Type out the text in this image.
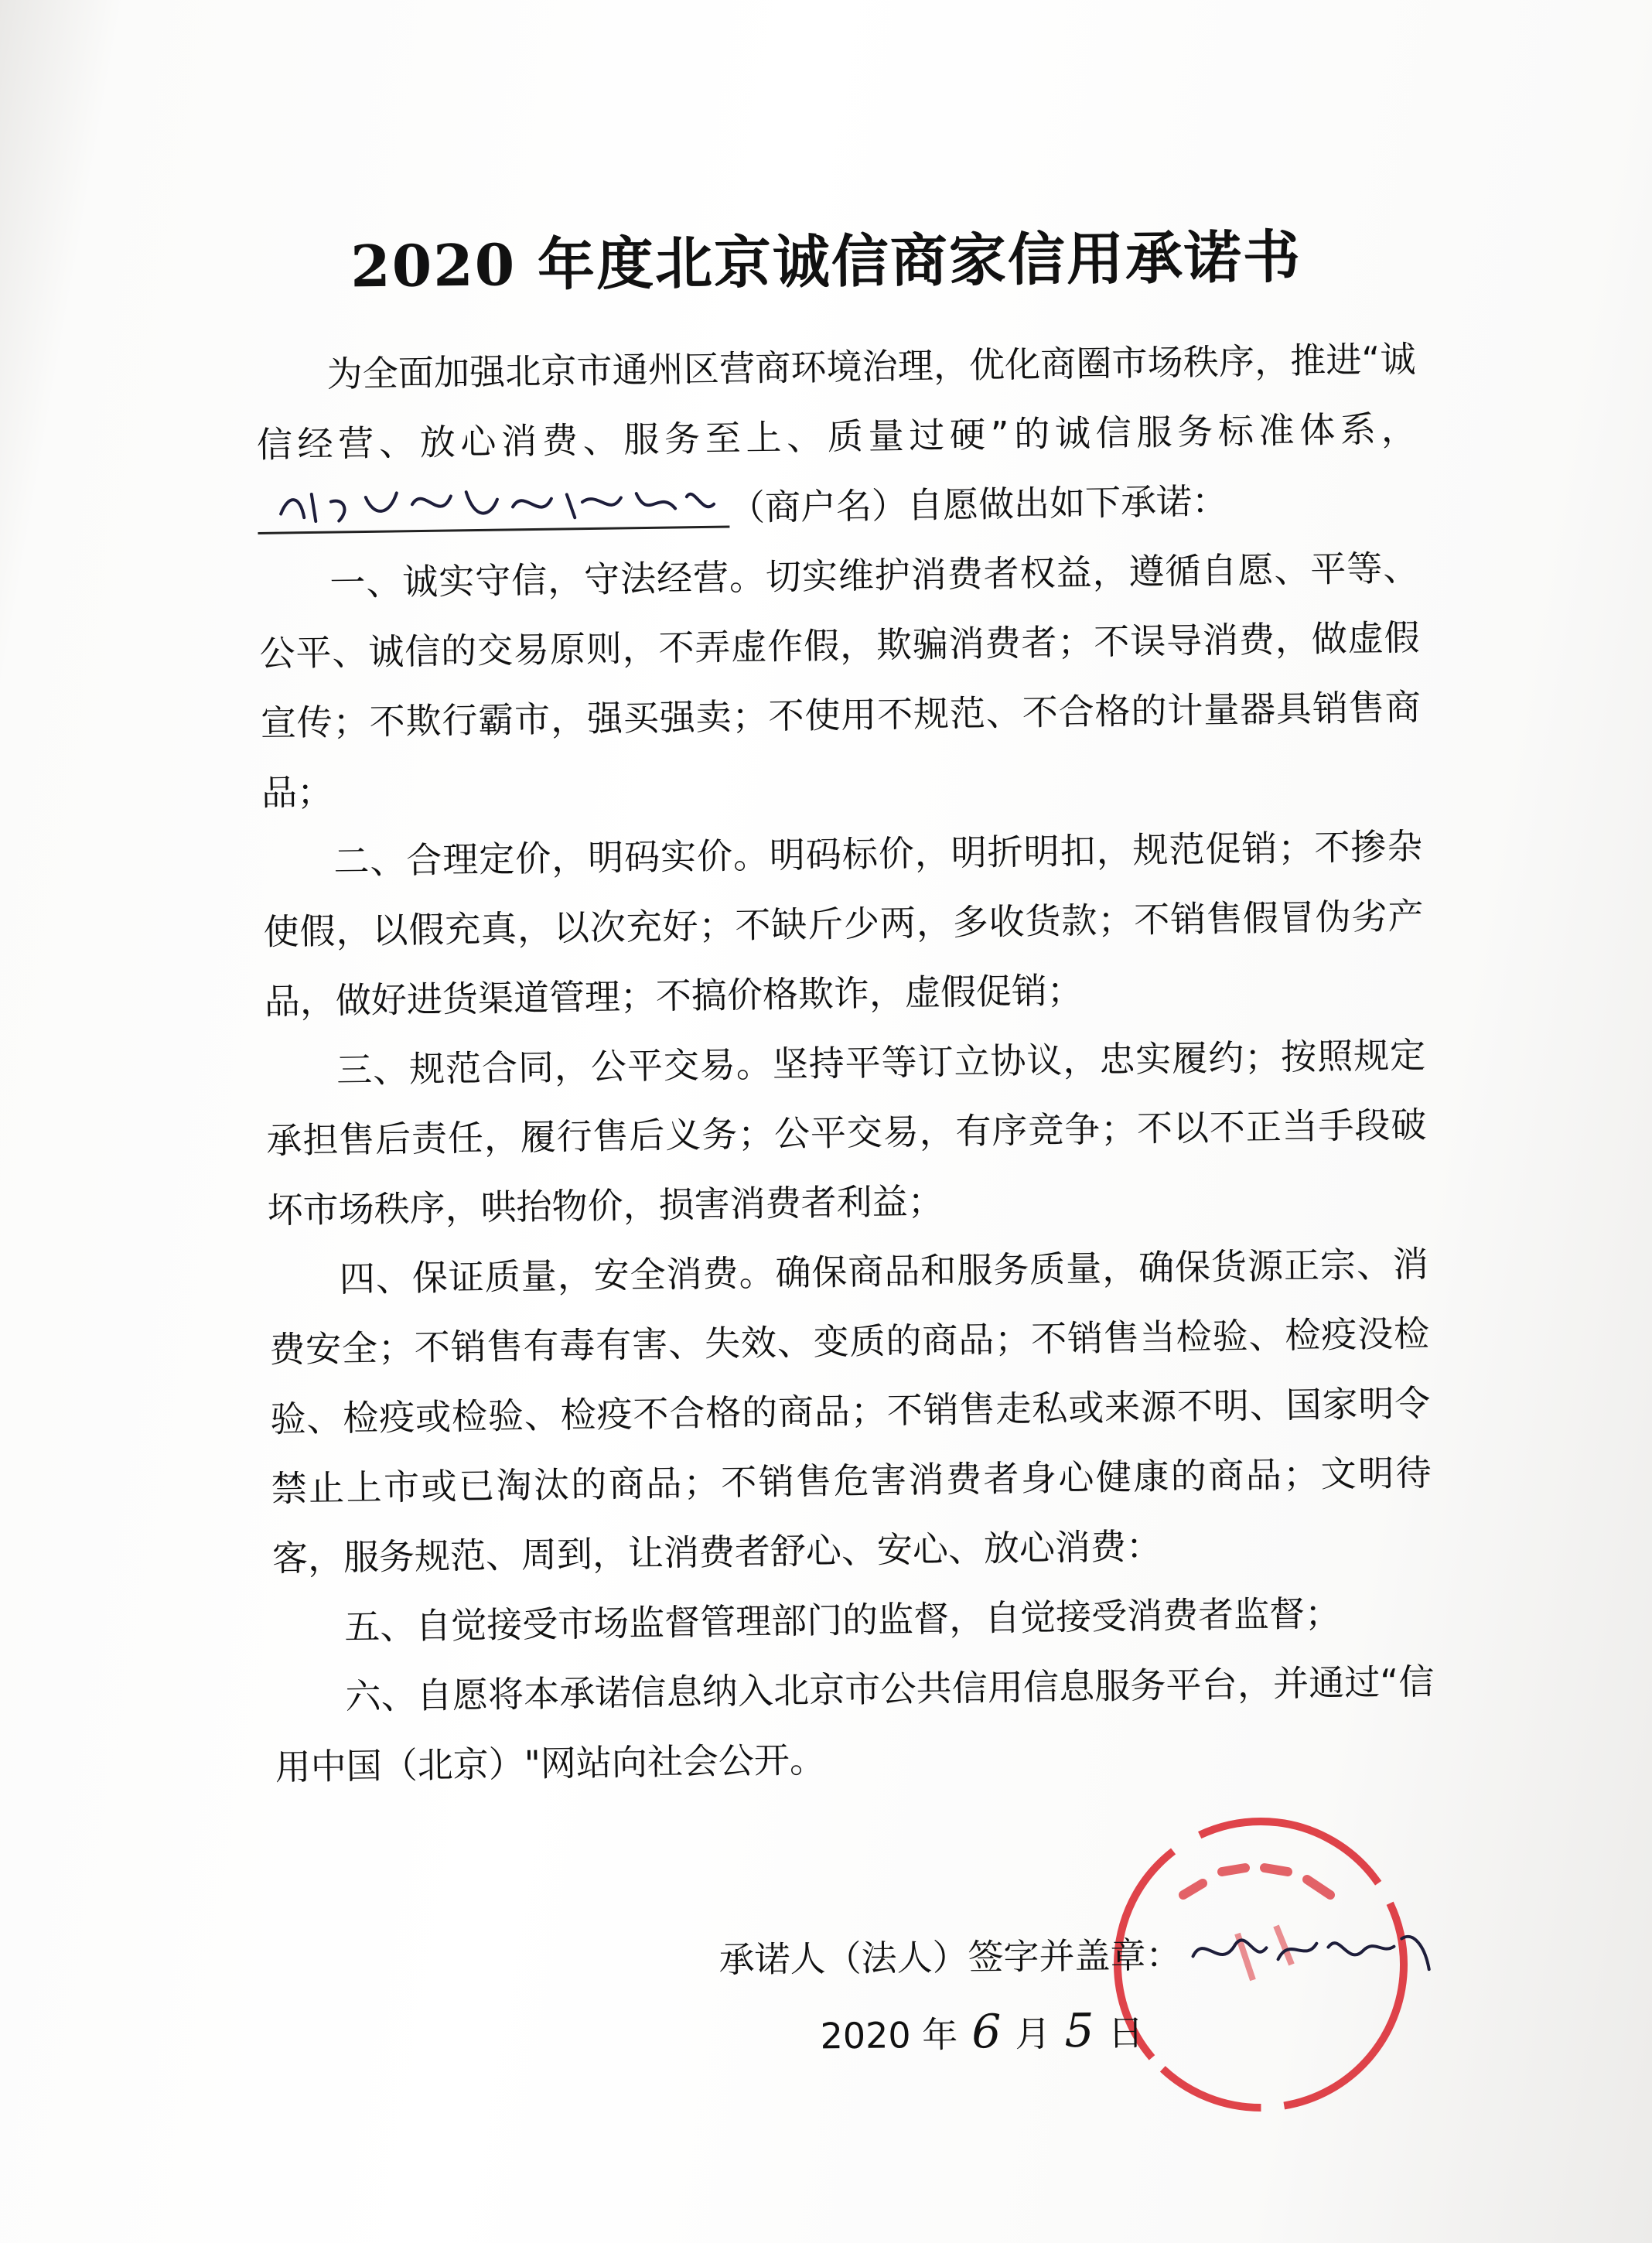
2020 年度北京诚信商家信用承诺书
为全面加强北京市通州区营商环境治理，优化商圈市场秩序，推进“诚信经营、放心消费、服务至上、质量过硬”的诚信服务标准体系，
（商户名）自愿做出如下承诺：
一、诚实守信，守法经营。切实维护消费者权益，遵循自愿、平等、公平、诚信的交易原则，不弄虚作假，欺骗消费者；不误导消费，做虚假宣传；不欺行霸市，强买强卖；不使用不规范、不合格的计量器具销售商品；
二、合理定价，明码实价。明码标价，明折明扣，规范促销；不掺杂使假，以假充真，以次充好；不缺斤少两，多收货款；不销售假冒伪劣产品，做好进货渠道管理；不搞价格欺诈，虚假促销；
三、规范合同，公平交易。坚持平等订立协议，忠实履约；按照规定承担售后责任，履行售后义务；公平交易，有序竞争；不以不正当手段破坏市场秩序，哄抬物价，损害消费者利益；
四、保证质量，安全消费。确保商品和服务质量，确保货源正宗、消费安全；不销售有毒有害、失效、变质的商品；不销售当检验、检疫没检验、检疫或检验、检疫不合格的商品；不销售走私或来源不明、国家明令禁止上市或已淘汰的商品；不销售危害消费者身心健康的商品；文明待客，服务规范、周到，让消费者舒心、安心、放心消费：
五、自觉接受市场监督管理部门的监督，自觉接受消费者监督；
六、自愿将本承诺信息纳入北京市公共信用信息服务平台，并通过“信用中国（北京）"网站向社会公开。
承诺人（法人）签字并盖章：
2020 年 6 月 5 日
